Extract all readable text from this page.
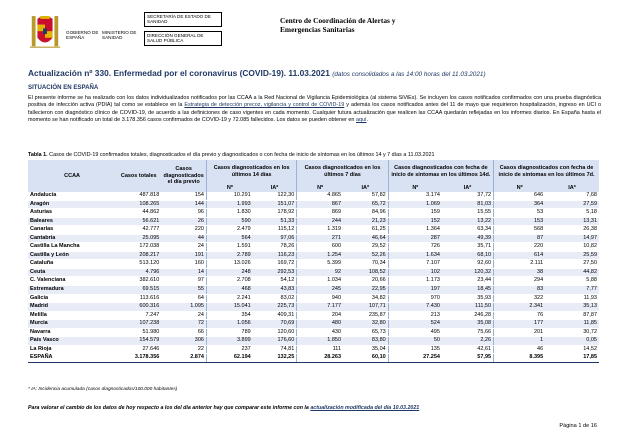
GOBIERNO DE ESPAÑA
MINISTERIO DE SANIDAD
SECRETARÍA DE ESTADO DE SANIDAD
DIRECCIÓN GENERAL DE SALUD PÚBLICA
Centro de Coordinación de Alertas y
Emergencias Sanitarias
Actualización nº 330. Enfermedad por el coronavirus (COVID-19). 11.03.2021 (datos consolidados a las 14:00 horas del 11.03.2021)
SITUACIÓN EN ESPAÑA
El presente informe se ha realizado con los datos individualizados notificados por las CCAA a la Red Nacional de Vigilancia Epidemiológica (al sistema SiViEs). Se incluyen los casos notificados confirmados con una prueba diagnóstica positiva de infección activa (PDIA) tal como se establece en la Estrategia de detección precoz, vigilancia y control de COVID-19 y además los casos notificados antes del 11 de mayo que requirieron hospitalización, ingreso en UCI o fallecieron con diagnóstico clínico de COVID-19, de acuerdo a las definiciones de caso vigentes en cada momento. Cualquier futura actualización que realicen las CCAA quedarán reflejadas en los informes diarios. En España hasta el momento se han notificado un total de 3.178.356 casos confirmados de COVID-19 y 72.085 fallecidos. Los datos se pueden obtener en aquí.
Tabla 1. Casos de COVID-19 confirmados totales, diagnosticados el día previo y diagnosticados o con fecha de inicio de síntomas en los últimos 14 y 7 días a 11.03.2021
CCAA	Casos totales	Casos diagnosticados el día previo	Casos diagnosticados en los últimos 14 días		Casos diagnosticados en los últimos 7 días		Casos diagnosticados con fecha de inicio de síntomas en los últimos 14d.		Casos diagnosticados con fecha de inicio de síntomas en los últimos 7d.	
			Nº	IA*	Nº	IA*	Nº	IA*	Nº	IA*
Andalucía	487.818	154	10.291	122,30	4.865	57,82	3.174	37,72	646	7,68
Aragón	108.265	144	1.993	151,07	867	65,72	1.069	81,03	364	27,59
Asturias	44.862	96	1.830	178,92	869	84,96	159	15,55	53	5,18
Baleares	56.621	26	590	51,33	244	21,23	152	13,22	153	13,31
Canarias	42.777	220	2.479	115,12	1.319	61,25	1.364	63,34	568	26,38
Cantabria	25.095	44	564	97,06	271	46,64	287	49,39	87	14,97
Castilla La Mancha	172.038	24	1.591	78,26	600	29,52	726	35,71	220	10,82
Castilla y León	208.217	191	2.789	116,23	1.254	52,26	1.634	68,10	614	25,59
Cataluña	513.120	160	13.026	169,72	5.399	70,34	7.107	92,60	2.111	27,50
Ceuta	4.796	14	248	292,53	92	108,52	102	120,32	38	44,82
C. Valenciana	382.610	97	2.708	54,12	1.034	20,66	1.173	23,44	294	5,88
Extremadura	69.515	55	468	43,83	245	22,95	197	18,45	83	7,77
Galicia	113.616	64	2.241	83,02	940	34,82	970	35,93	322	11,93
Madrid	600.316	1.095	15.041	225,73	7.177	107,71	7.430	111,50	2.341	35,13
Melilla	7.247	24	354	409,31	204	235,87	213	246,28	76	87,87
Murcia	107.238	72	1.056	70,69	480	32,80	524	35,08	177	11,85
Navarra	51.980	66	789	120,60	430	65,73	495	75,66	201	30,72
País Vasco	154.579	306	3.899	176,60	1.850	83,80	50	2,26	1	0,05
La Rioja	27.646	22	237	74,81	111	35,04	135	42,61	46	14,52
ESPAÑA	3.178.356	2.874	62.194	132,25	28.263	60,10	27.254	57,95	8.395	17,85
* IA: Incidencia acumulada (casos diagnosticados/100.000 habitantes)
Para valorar el cambio de los datos de hoy respecto a los del día anterior hay que comparar este informe con la actualización modificada del día 10.03.2021
Página 1 de 16
